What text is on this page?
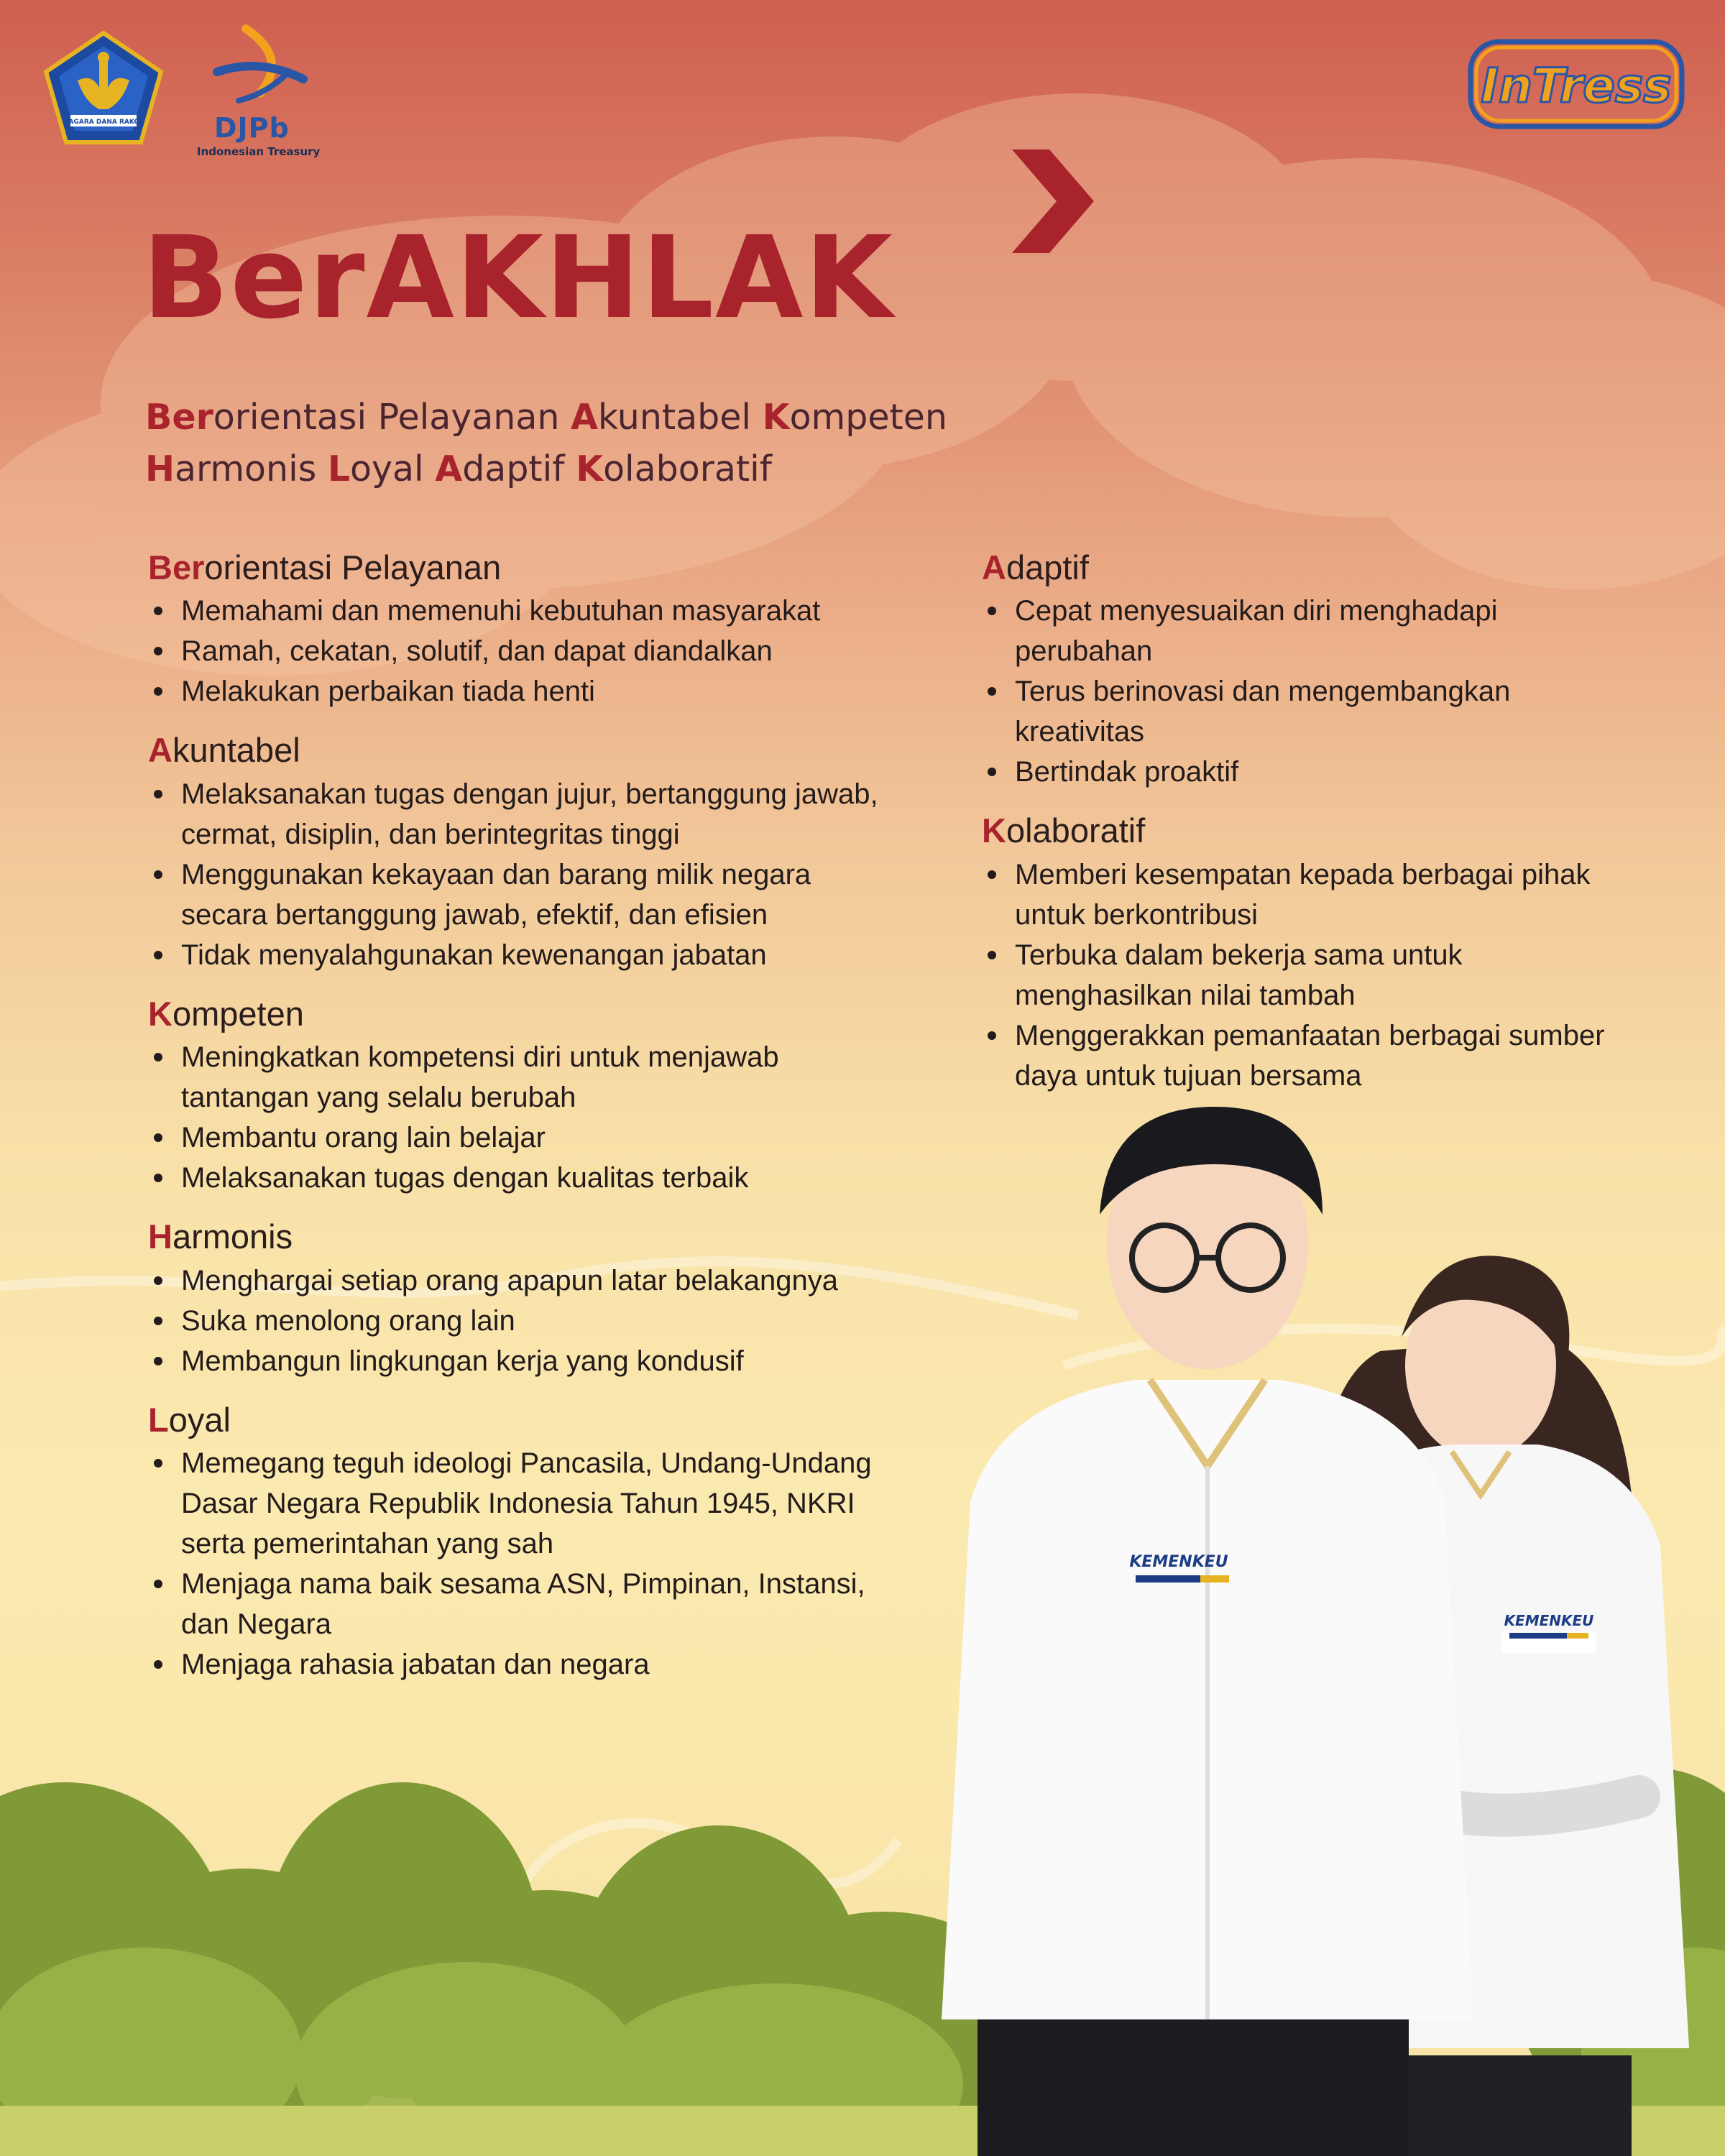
NAGARA DANA RAKCA	DJPb
Indonesian Treasury
InTress
BerAKHLAK
Berorientasi Pelayanan Akuntabel Kompeten
Harmonis Loyal Adaptif Kolaboratif
Berorientasi Pelayanan
Memahami dan memenuhi kebutuhan masyarakat
Ramah, cekatan, solutif, dan dapat diandalkan
Melakukan perbaikan tiada henti
Akuntabel
Melaksanakan tugas dengan jujur, bertanggung jawab, cermat, disiplin, dan berintegritas tinggi
Menggunakan kekayaan dan barang milik negara secara bertanggung jawab, efektif, dan efisien
Tidak menyalahgunakan kewenangan jabatan
Kompeten
Meningkatkan kompetensi diri untuk menjawab tantangan yang selalu berubah
Membantu orang lain belajar
Melaksanakan tugas dengan kualitas terbaik
Harmonis
Menghargai setiap orang apapun latar belakangnya
Suka menolong orang lain
Membangun lingkungan kerja yang kondusif
Loyal
Memegang teguh ideologi Pancasila, Undang-Undang Dasar Negara Republik Indonesia Tahun 1945, NKRI serta pemerintahan yang sah
Menjaga nama baik sesama ASN, Pimpinan, Instansi, dan Negara
Menjaga rahasia jabatan dan negara
Adaptif
Cepat menyesuaikan diri menghadapi perubahan
Terus berinovasi dan mengembangkan kreativitas
Bertindak proaktif
Kolaboratif
Memberi kesempatan kepada berbagai pihak untuk berkontribusi
Terbuka dalam bekerja sama untuk menghasilkan nilai tambah
Menggerakkan pemanfaatan berbagai sumber daya untuk tujuan bersama
KEMENKEU
KEMENKEU
